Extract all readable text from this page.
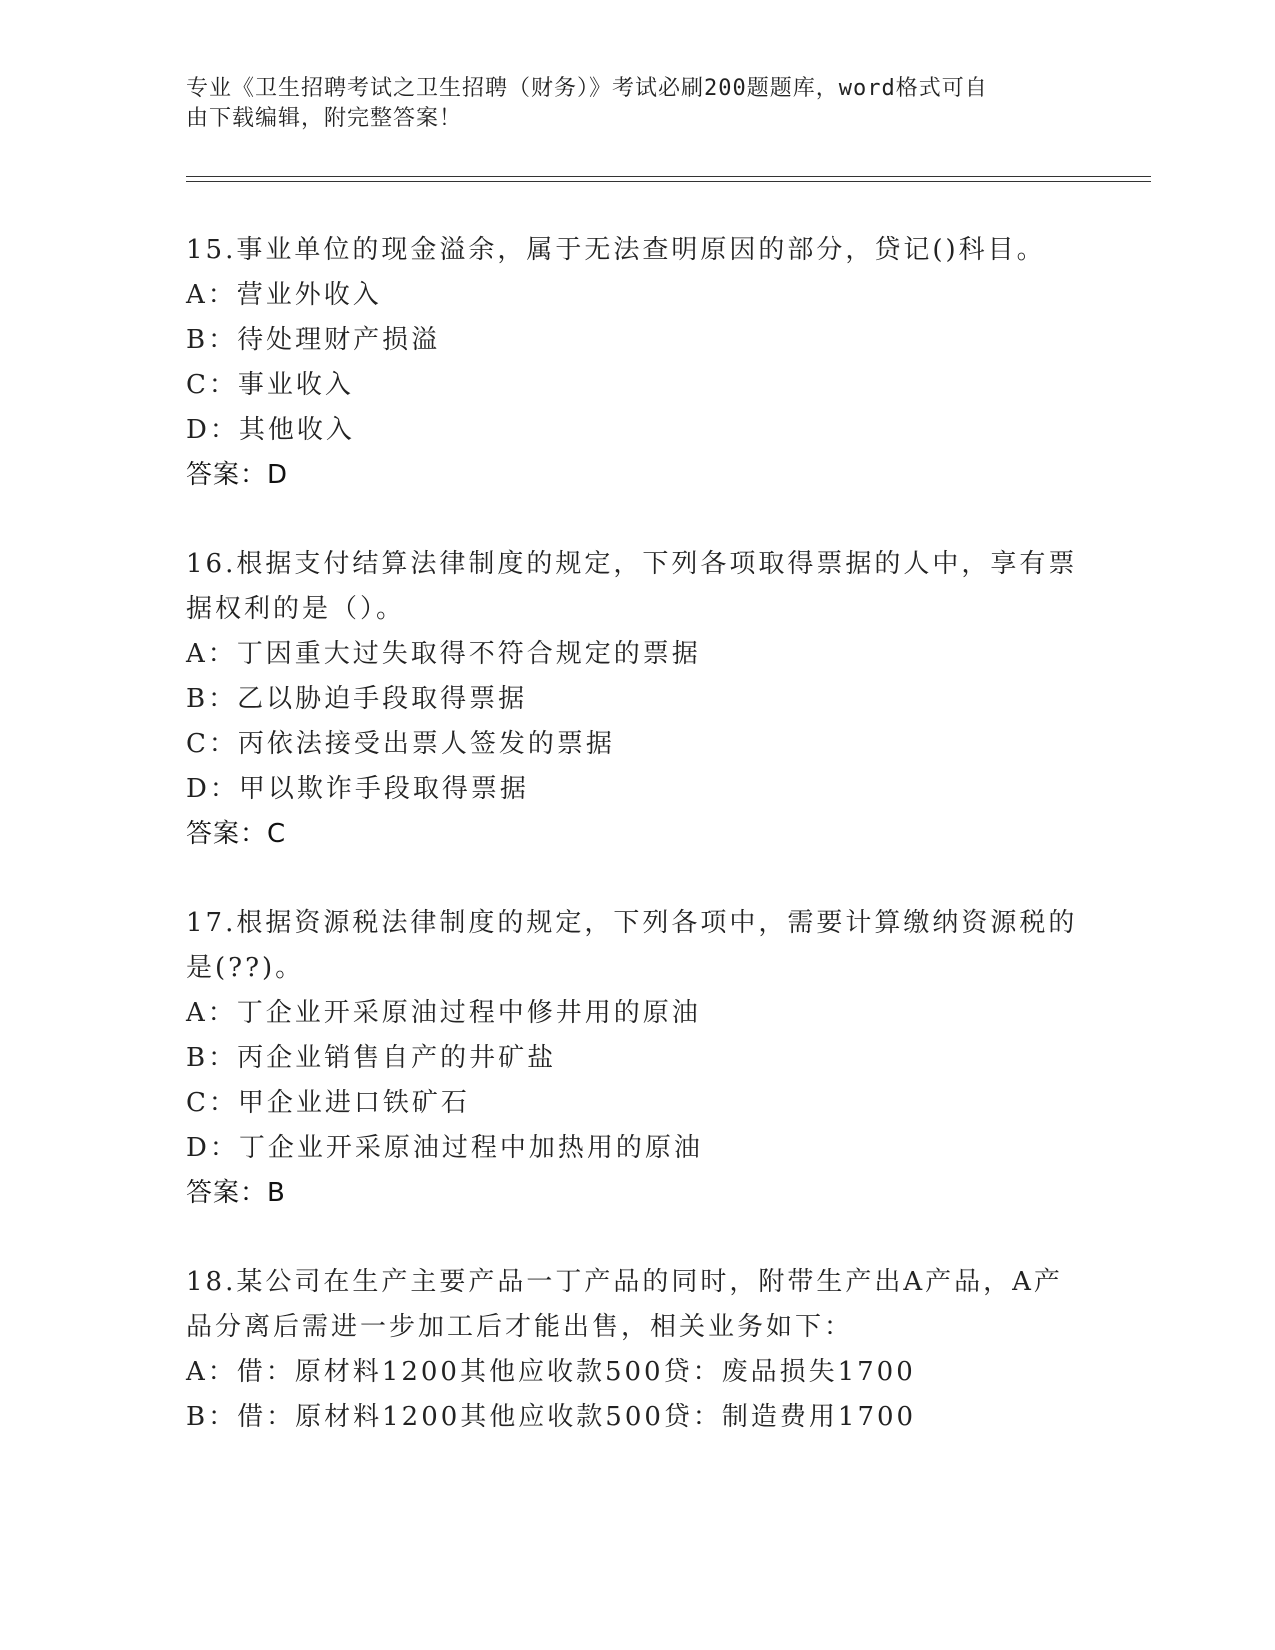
专业《卫生招聘考试之卫生招聘（财务）》考试必刷200题题库，word格式可自
由下载编辑，附完整答案！
15.事业单位的现金溢余，属于无法查明原因的部分，贷记()科目。
A：营业外收入
B：待处理财产损溢
C：事业收入
D：其他收入
答案：D
16.根据支付结算法律制度的规定，下列各项取得票据的人中，享有票
据权利的是（）。
A：丁因重大过失取得不符合规定的票据
B：乙以胁迫手段取得票据
C：丙依法接受出票人签发的票据
D：甲以欺诈手段取得票据
答案：C
17.根据资源税法律制度的规定，下列各项中，需要计算缴纳资源税的
是(??)。
A：丁企业开采原油过程中修井用的原油
B：丙企业销售自产的井矿盐
C：甲企业进口铁矿石
D：丁企业开采原油过程中加热用的原油
答案：B
18.某公司在生产主要产品一丁产品的同时，附带生产出A产品，A产
品分离后需进一步加工后才能出售，相关业务如下：
A：借：原材料1200其他应收款500贷：废品损失1700
B：借：原材料1200其他应收款500贷：制造费用1700
